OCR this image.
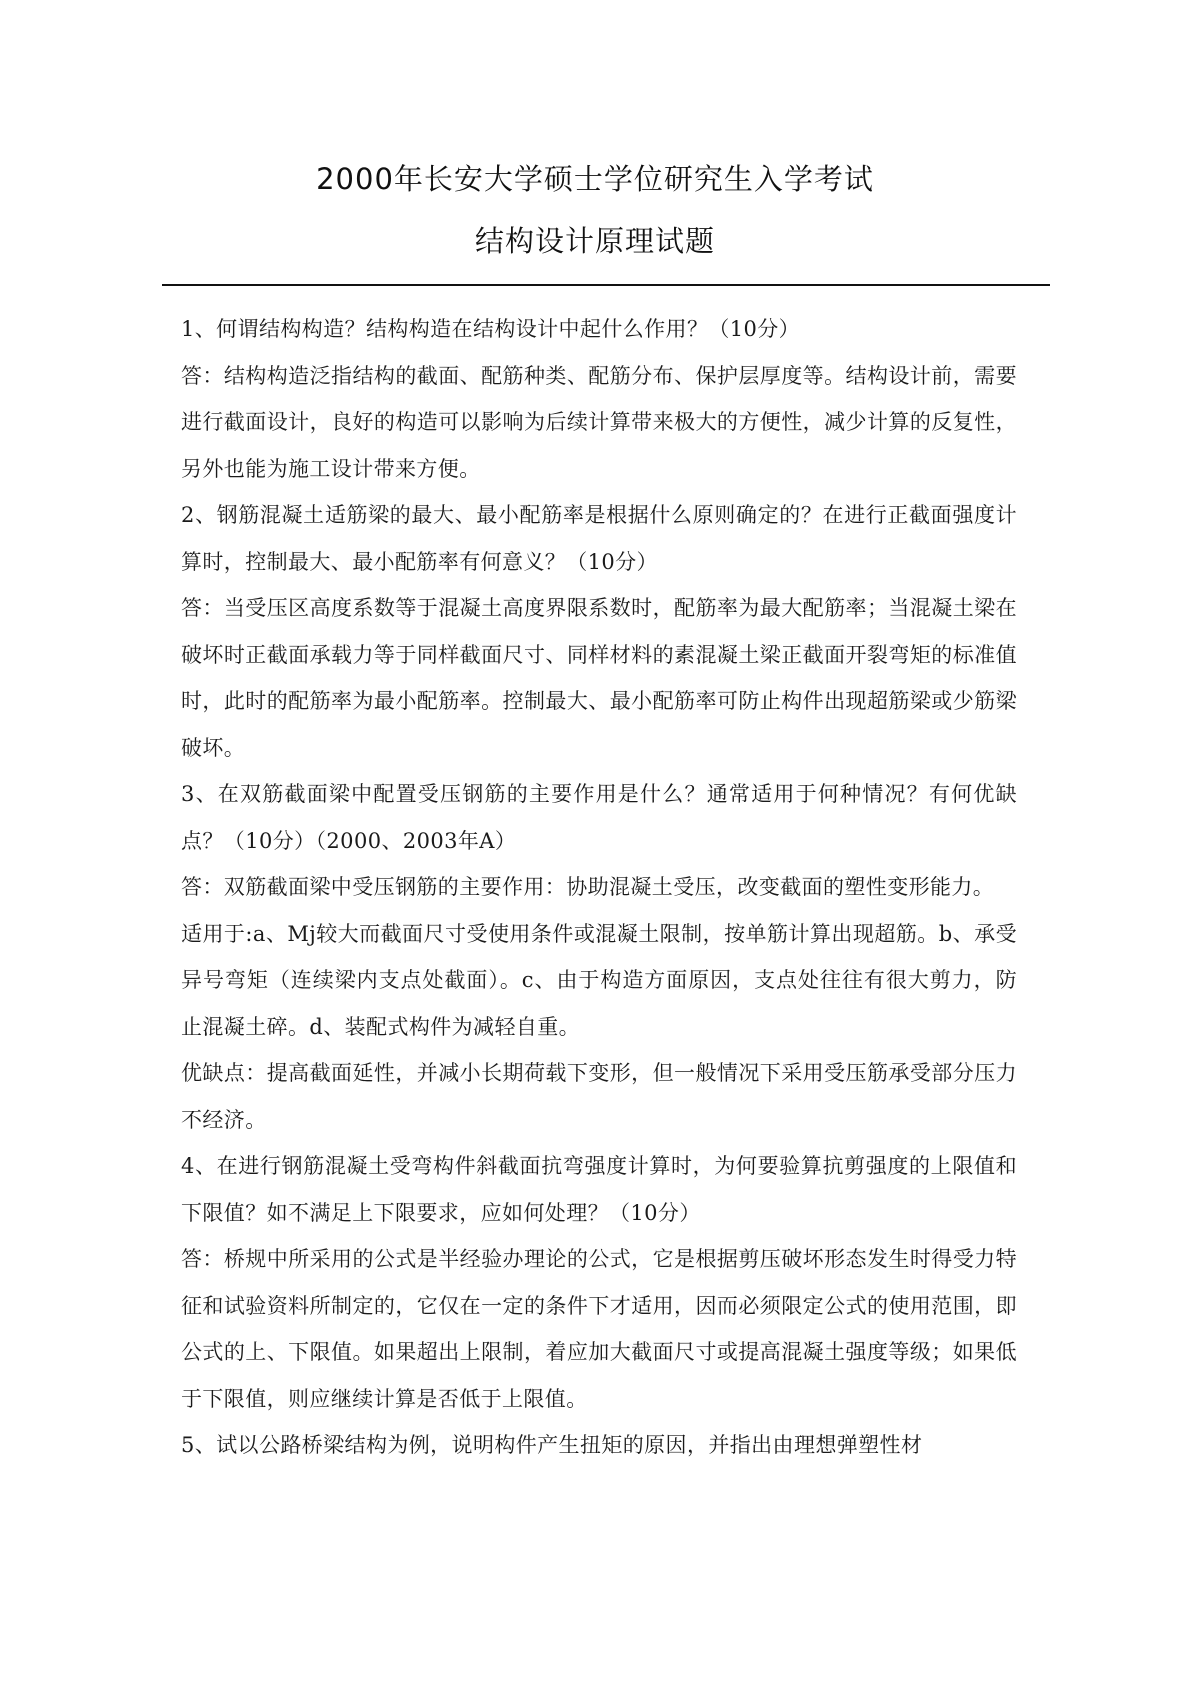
2000年长安大学硕士学位研究生入学考试
结构设计原理试题

1、何谓结构构造？结构构造在结构设计中起什么作用？（10分）

答：结构构造泛指结构的截面、配筋种类、配筋分布、保护层厚度等。结构设计前，需要进行截面设计，良好的构造可以影响为后续计算带来极大的方便性，减少计算的反复性，另外也能为施工设计带来方便。

2、钢筋混凝土适筋梁的最大、最小配筋率是根据什么原则确定的？在进行正截面强度计算时，控制最大、最小配筋率有何意义？（10分）

答：当受压区高度系数等于混凝土高度界限系数时，配筋率为最大配筋率；当混凝土梁在破坏时正截面承载力等于同样截面尺寸、同样材料的素混凝土梁正截面开裂弯矩的标准值时，此时的配筋率为最小配筋率。控制最大、最小配筋率可防止构件出现超筋梁或少筋梁破坏。

3、在双筋截面梁中配置受压钢筋的主要作用是什么？通常适用于何种情况？有何优缺点？（10分）（2000、2003年A）

答：双筋截面梁中受压钢筋的主要作用：协助混凝土受压，改变截面的塑性变形能力。

适用于:a、Mj较大而截面尺寸受使用条件或混凝土限制，按单筋计算出现超筋。b、承受异号弯矩（连续梁内支点处截面）。c、由于构造方面原因，支点处往往有很大剪力，防止混凝土碎。d、装配式构件为减轻自重。

优缺点：提高截面延性，并减小长期荷载下变形，但一般情况下采用受压筋承受部分压力不经济。

4、在进行钢筋混凝土受弯构件斜截面抗弯强度计算时，为何要验算抗剪强度的上限值和下限值？如不满足上下限要求，应如何处理？（10分）

答：桥规中所采用的公式是半经验办理论的公式，它是根据剪压破坏形态发生时得受力特征和试验资料所制定的，它仅在一定的条件下才适用，因而必须限定公式的使用范围，即公式的上、下限值。如果超出上限制，着应加大截面尺寸或提高混凝土强度等级；如果低于下限值，则应继续计算是否低于上限值。

5、试以公路桥梁结构为例，说明构件产生扭矩的原因，并指出由理想弹塑性材
